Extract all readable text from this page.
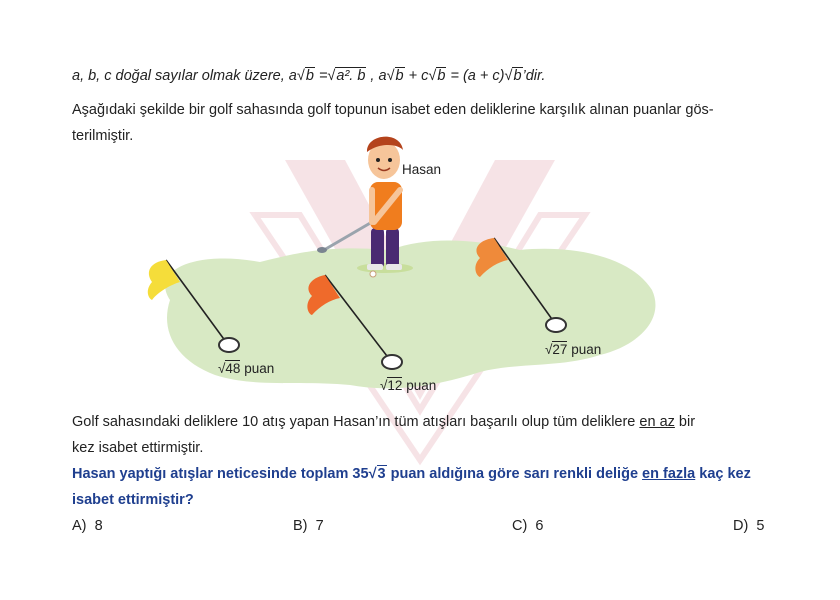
a, b, c doğal sayılar olmak üzere, a√b =√a². b , a√b + c√b = (a + c)√b’dir.
Aşağıdaki şekilde bir golf sahasında golf topunun isabet eden deliklerine karşılık alınan puanlar gös-
terilmiştir.
Hasan
√48 puan
√12 puan
√27 puan
Golf sahasındaki deliklere 10 atış yapan Hasan’ın tüm atışları başarılı olup tüm deliklere en az bir
kez isabet ettirmiştir.
Hasan yaptığı atışlar neticesinde toplam 35√3 puan aldığına göre sarı renkli deliğe en fazla kaç kez
isabet ettirmiştir?
A) 8	B) 7	C) 6	D) 5
